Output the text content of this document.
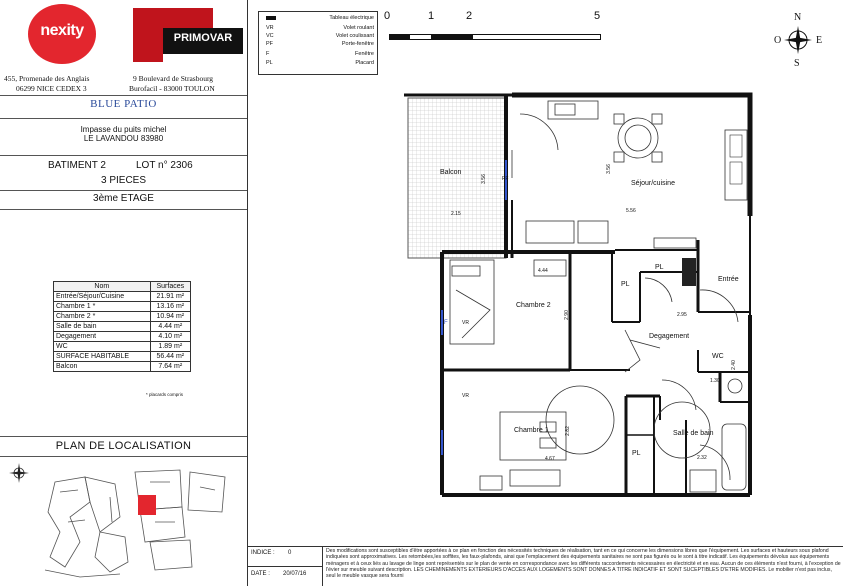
nexity	PRIMOVAR
455, Promenade des Anglais
06299 NICE CEDEX 3
9 Boulevard de Strasbourg
Burofacil - 83000 TOULON
BLUE PATIO
Impasse du puits michel
LE LAVANDOU 83980
BATIMENT 2	LOT n° 2306
3 PIECES
3ème ETAGE
Nom	Surfaces
Entrée/Séjour/Cuisine	21.91 m²
Chambre 1 *	13.16 m²
Chambre 2 *	10.94 m²
Salle de bain	4.44 m²
Degagement	4.10 m²
WC	1.89 m²
SURFACE HABITABLE	56.44 m²
Balcon	7.64 m²
* placards compris
PLAN DE LOCALISATION
Tableau électrique
VR	Volet roulant
VC	Volet coulissant
PF	Porte-fenêtre
F	Fenêtre
PL	Placard
0	1	2	5	N
S
E
O
Balcon
Séjour/cuisine
Chambre 2
Chambre 1
Entrée
Degagement
WC
Salle de bain
PL
PL
PL
2.15	5.56
3.56
3.56
4.44
2.90	2.95
1.30
2.40
4.67
2.82
2.32
PF
F	VR
VR
INDICE : 0
DATE : 20/07/16
Des modifications sont susceptibles d'être apportées à ce plan en fonction des nécessités techniques de réalisation, tant en ce qui concerne les dimensions libres que l'équipement. Les surfaces et hauteurs sous plafond indiquées sont approximatives. Les retombées,les soffites, les faux-plafonds, ainsi que l'emplacement des équipements sanitaires ne sont pas figurés ou le sont à titre indicatif. Les équipements dévolus aux équipements ménagers et à ceux liés au lavage de linge sont représentés sur le plan de vente en correspondance avec les différents raccordements nécessaires en électricité et en eau. Aucun de ces éléments n'est fourni, à l'exception de l'évier sur meuble suivant description. LES CHEMINEMENTS EXTERIEURS D'ACCES AUX LOGEMENTS SONT DONNES A TITRE INDICATIF ET SONT SUCEPTIBLES D'ETRE MODIFIES. Le mobilier n'est pas inclus, seul le meuble vasque sera fourni
